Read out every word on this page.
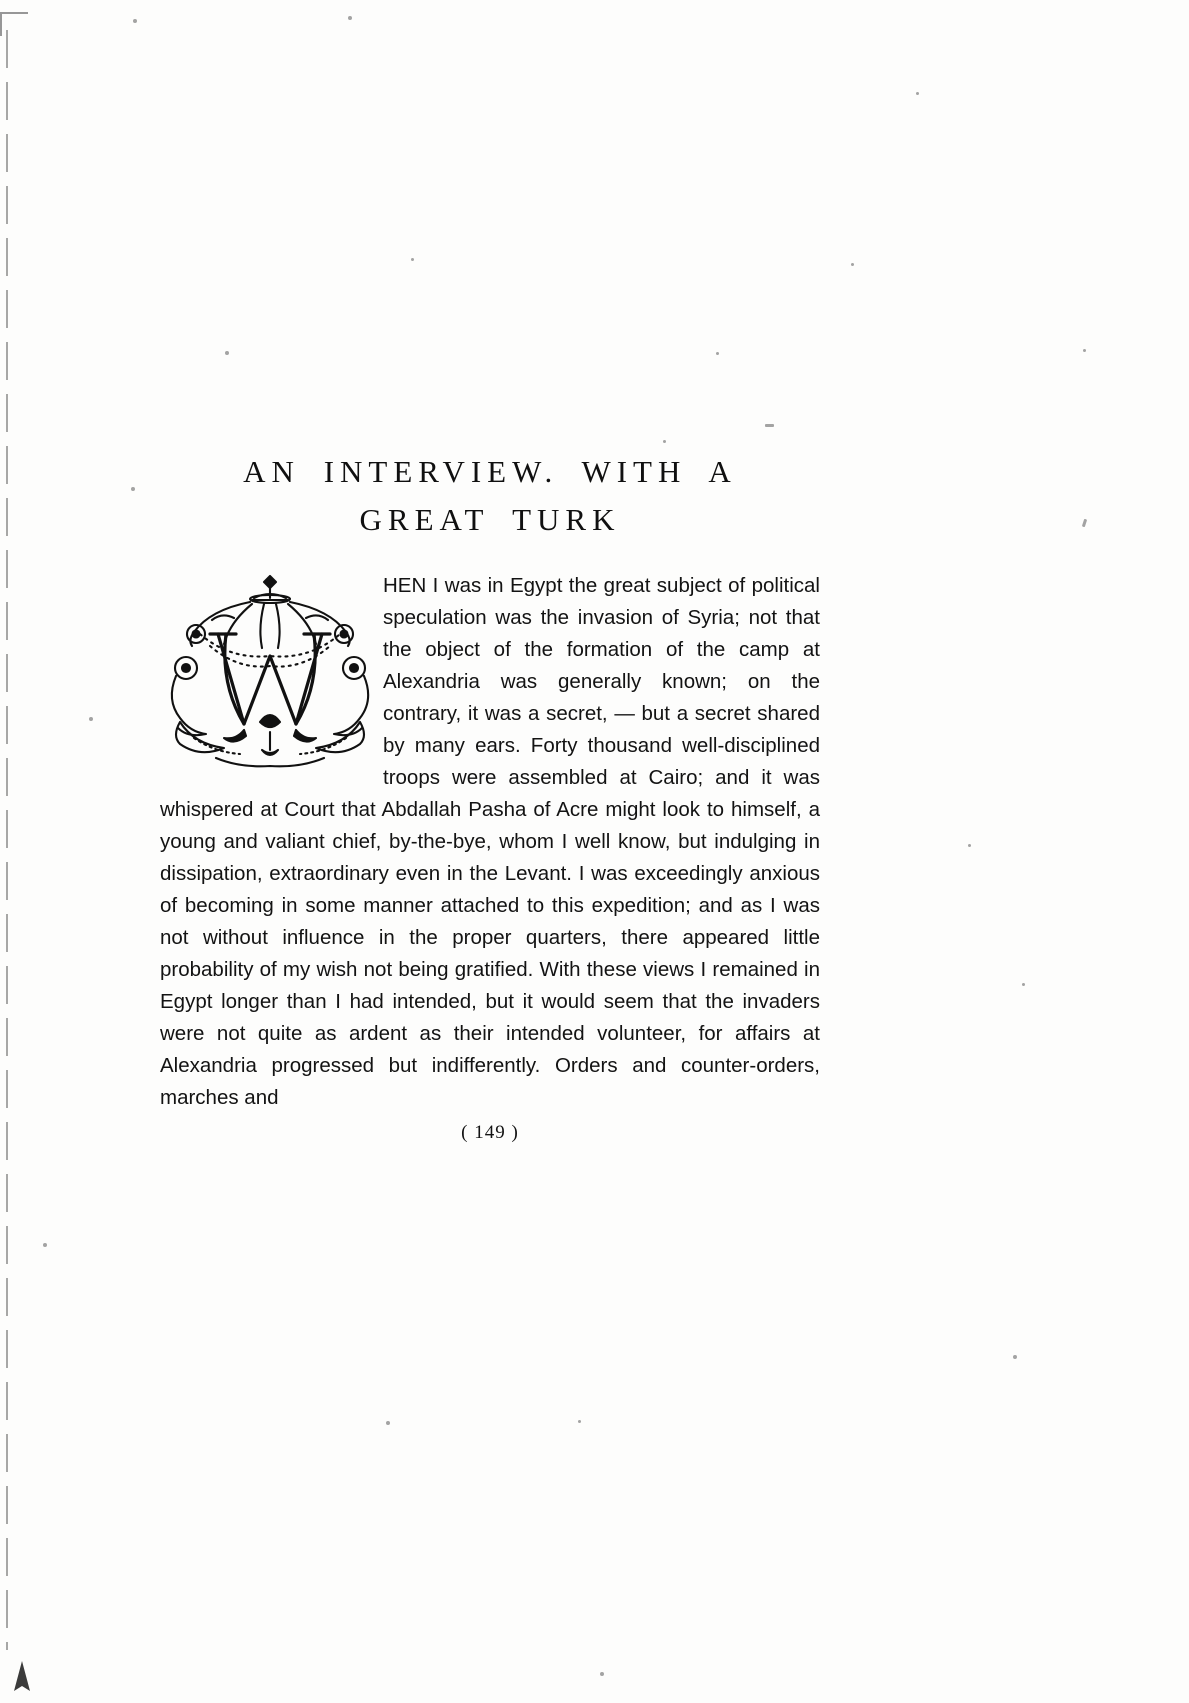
AN INTERVIEW. WITH A
GREAT TURK

HEN I was in Egypt the great subject of political speculation was the invasion of Syria; not that the object of the formation of the camp at Alexandria was generally known; on the contrary, it was a secret, — but a secret shared by many ears. Forty thousand well-disciplined troops were assembled at Cairo; and it was whispered at Court that Abdallah Pasha of Acre might look to himself, a young and valiant chief, by-the-bye, whom I well know, but indulging in dissipation, extraordinary even in the Levant. I was exceedingly anxious of becoming in some manner attached to this expedition; and as I was not without influence in the proper quarters, there appeared little probability of my wish not being gratified. With these views I remained in Egypt longer than I had intended, but it would seem that the invaders were not quite as ardent as their intended volunteer, for affairs at Alexandria progressed but indifferently. Orders and counter-orders, marches and

( 149 )
